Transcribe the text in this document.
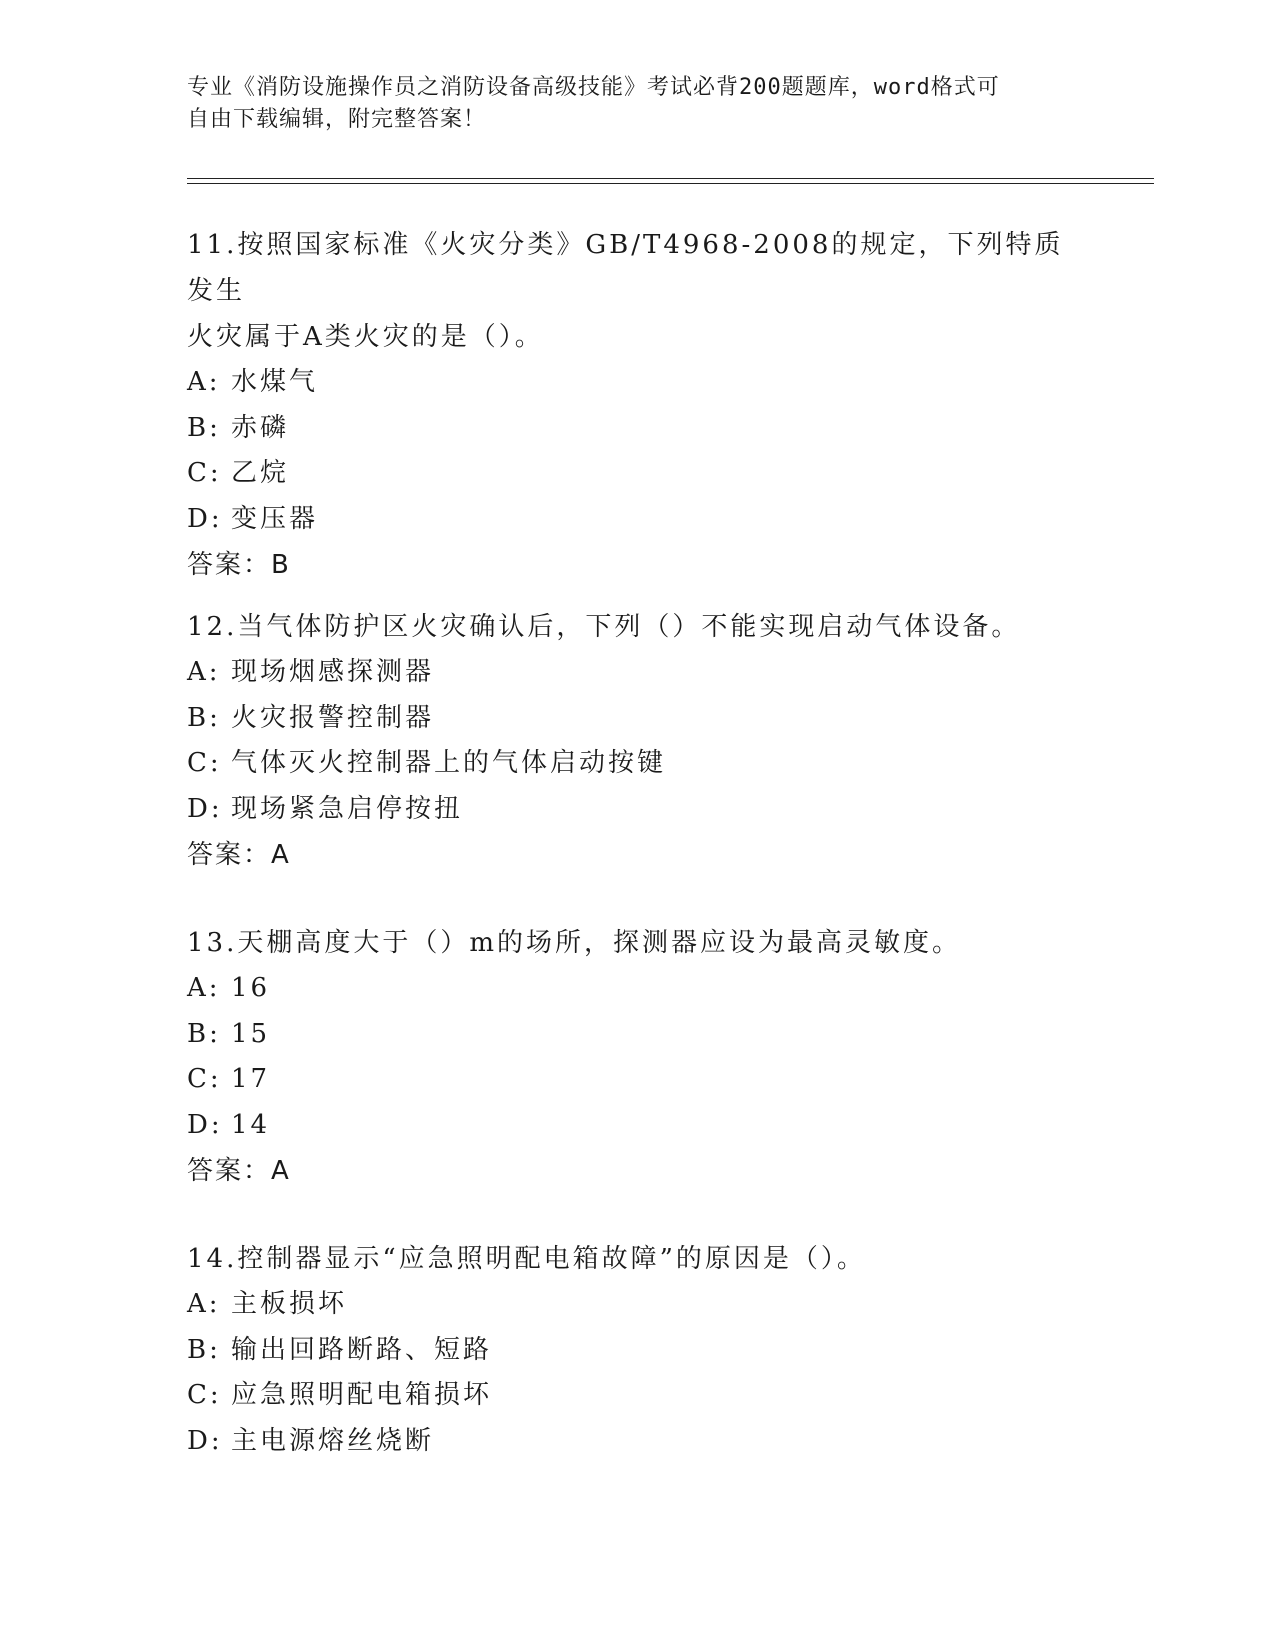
专业《消防设施操作员之消防设备高级技能》考试必背200题题库，word格式可
自由下载编辑，附完整答案！
11.按照国家标准《火灾分类》GB/T4968-2008的规定，下列特质发生
火灾属于A类火灾的是（）。
A: 水煤气
B: 赤磷
C: 乙烷
D: 变压器
答案：B
12.当气体防护区火灾确认后，下列（）不能实现启动气体设备。
A: 现场烟感探测器
B: 火灾报警控制器
C: 气体灭火控制器上的气体启动按键
D: 现场紧急启停按扭
答案：A
13.天棚高度大于（）m的场所，探测器应设为最高灵敏度。
A: 16
B: 15
C: 17
D: 14
答案：A
14.控制器显示“应急照明配电箱故障”的原因是（）。
A: 主板损坏
B: 输出回路断路、短路
C: 应急照明配电箱损坏
D: 主电源熔丝烧断
